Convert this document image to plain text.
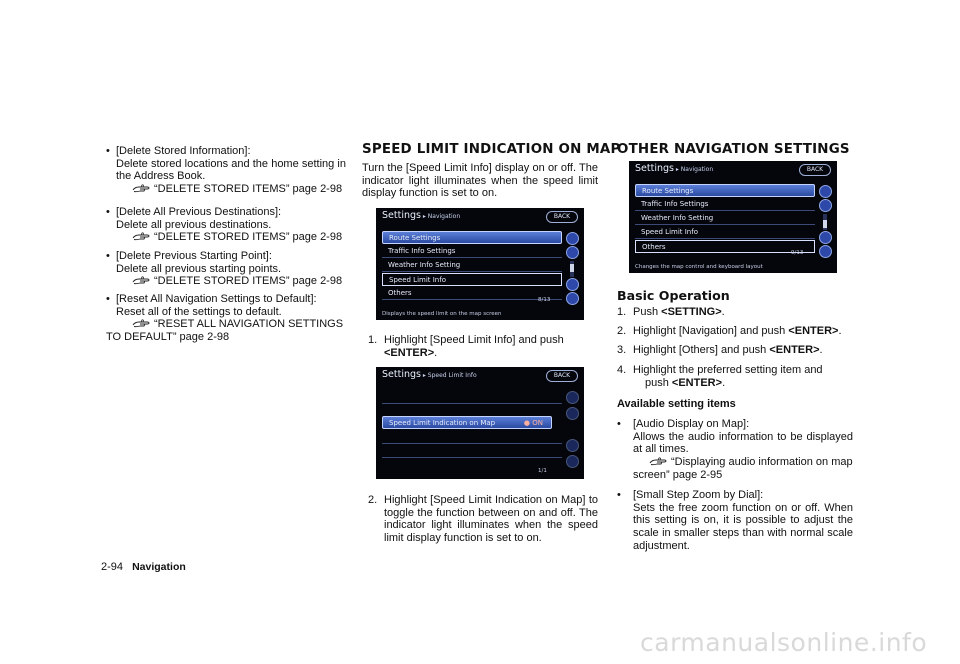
• [Delete Stored Information]:
Delete stored locations and the home setting in the Address Book.
“DELETE STORED ITEMS” page 2-98
• [Delete All Previous Destinations]:
Delete all previous destinations.
“DELETE STORED ITEMS” page 2-98
• [Delete Previous Starting Point]:
Delete all previous starting points.
“DELETE STORED ITEMS” page 2-98
• [Reset All Navigation Settings to Default]:
Reset all of the settings to default.
“RESET ALL NAVIGATION SETTINGS
TO DEFAULT” page 2-98
SPEED LIMIT INDICATION ON MAP
Turn the [Speed Limit Info] display on or off. The indicator light illuminates when the speed limit display function is set to on.
Settings ▸ Navigation	BACK
Route Settings
Traffic Info Settings
Weather Info Setting
Speed Limit Info
Others
8/13
Displays the speed limit on the map screen
1. Highlight [Speed Limit Info] and push
<ENTER>.
Settings ▸ Speed Limit Info	BACK
Speed Limit Indication on Map	● ON
1/1
2. Highlight [Speed Limit Indication on Map] to toggle the function between on and off. The indicator light illuminates when the speed limit display function is set to on.
OTHER NAVIGATION SETTINGS
Settings ▸ Navigation	BACK
Route Settings
Traffic Info Settings
Weather Info Setting
Speed Limit Info
Others
9/13
Changes the map control and keyboard layout
Basic Operation
1. Push <SETTING>.
2. Highlight [Navigation] and push <ENTER>.
3. Highlight [Others] and push <ENTER>.
4. Highlight the preferred setting item and
push <ENTER>.
Available setting items
• [Audio Display on Map]:
Allows the audio information to be displayed at all times.
“Displaying audio information on map
screen” page 2-95
• [Small Step Zoom by Dial]:
Sets the free zoom function on or off. When this setting is on, it is possible to adjust the scale in smaller steps than with normal scale adjustment.
2-94 Navigation
carmanualsonline.info
